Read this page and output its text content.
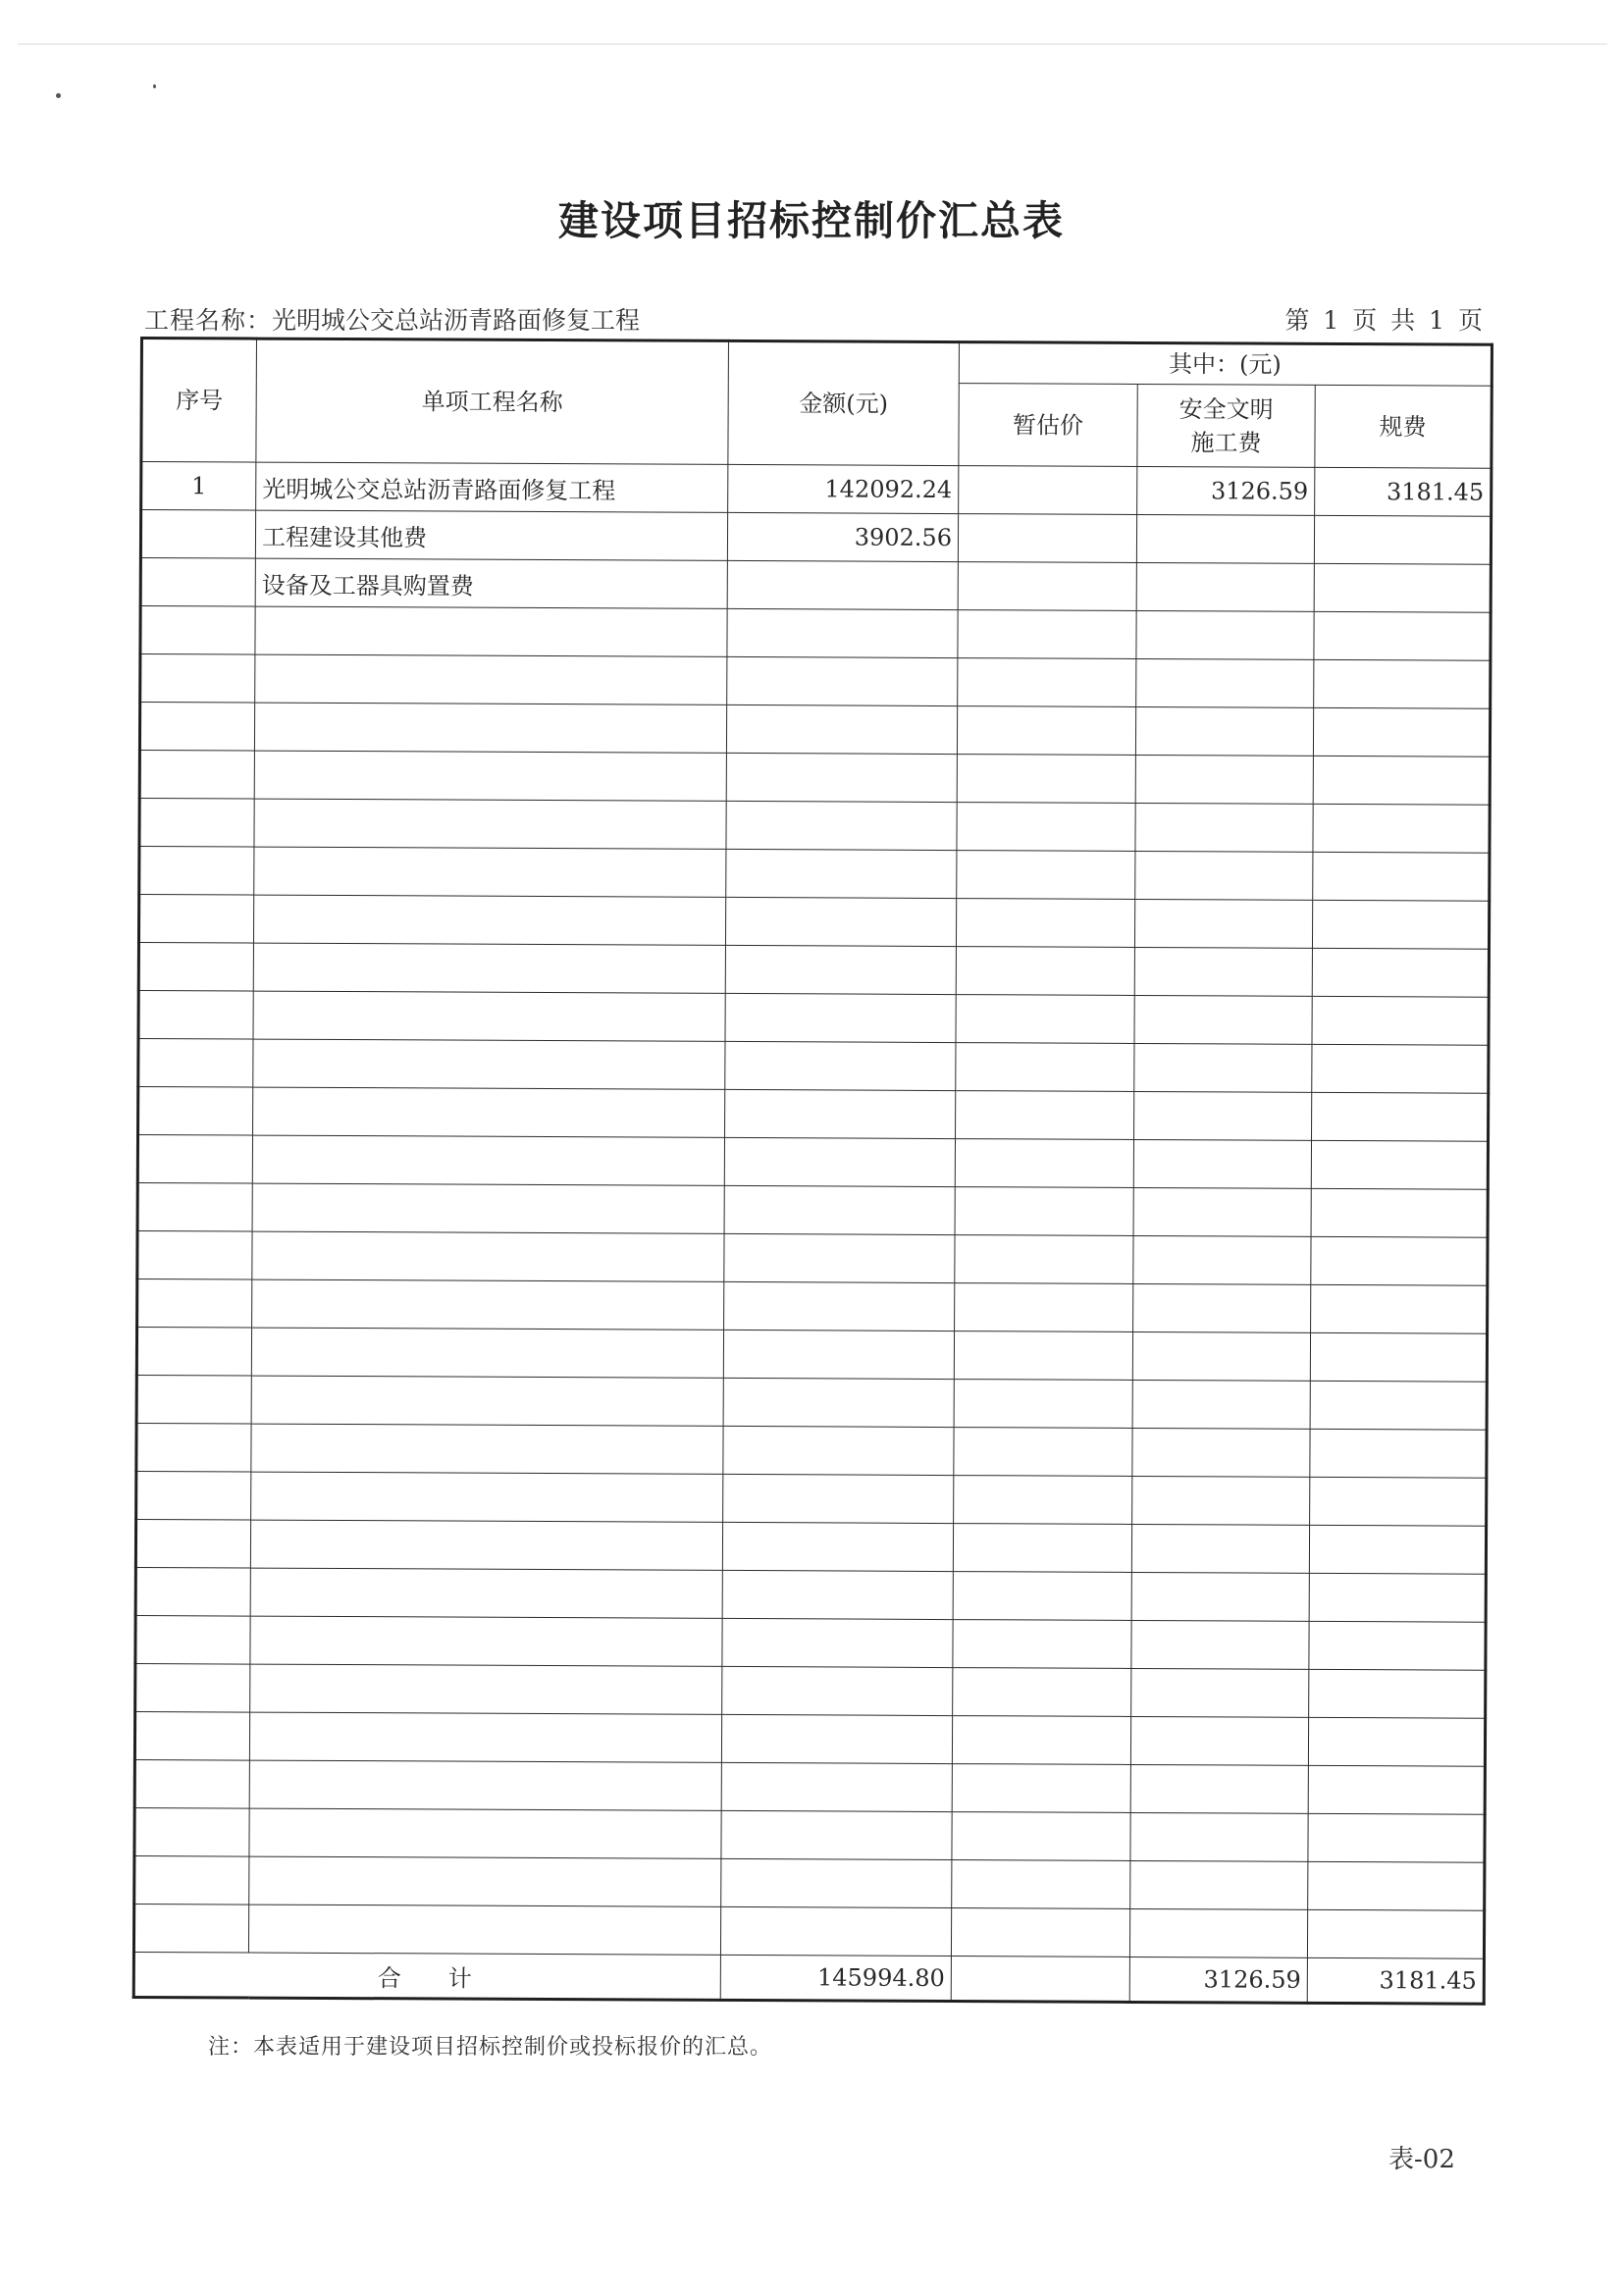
建设项目招标控制价汇总表
工程名称：光明城公交总站沥青路面修复工程	第 1 页 共 1 页
序号	单项工程名称	金额(元)	其中：(元)		
			暂估价	安全文明施工费	规费
1	光明城公交总站沥青路面修复工程	142092.24		3126.59	3181.45
	工程建设其他费	3902.56			
	设备及工器具购置费				

合　　计		145994.80		3126.59	3181.45
注：本表适用于建设项目招标控制价或投标报价的汇总。
表-02
